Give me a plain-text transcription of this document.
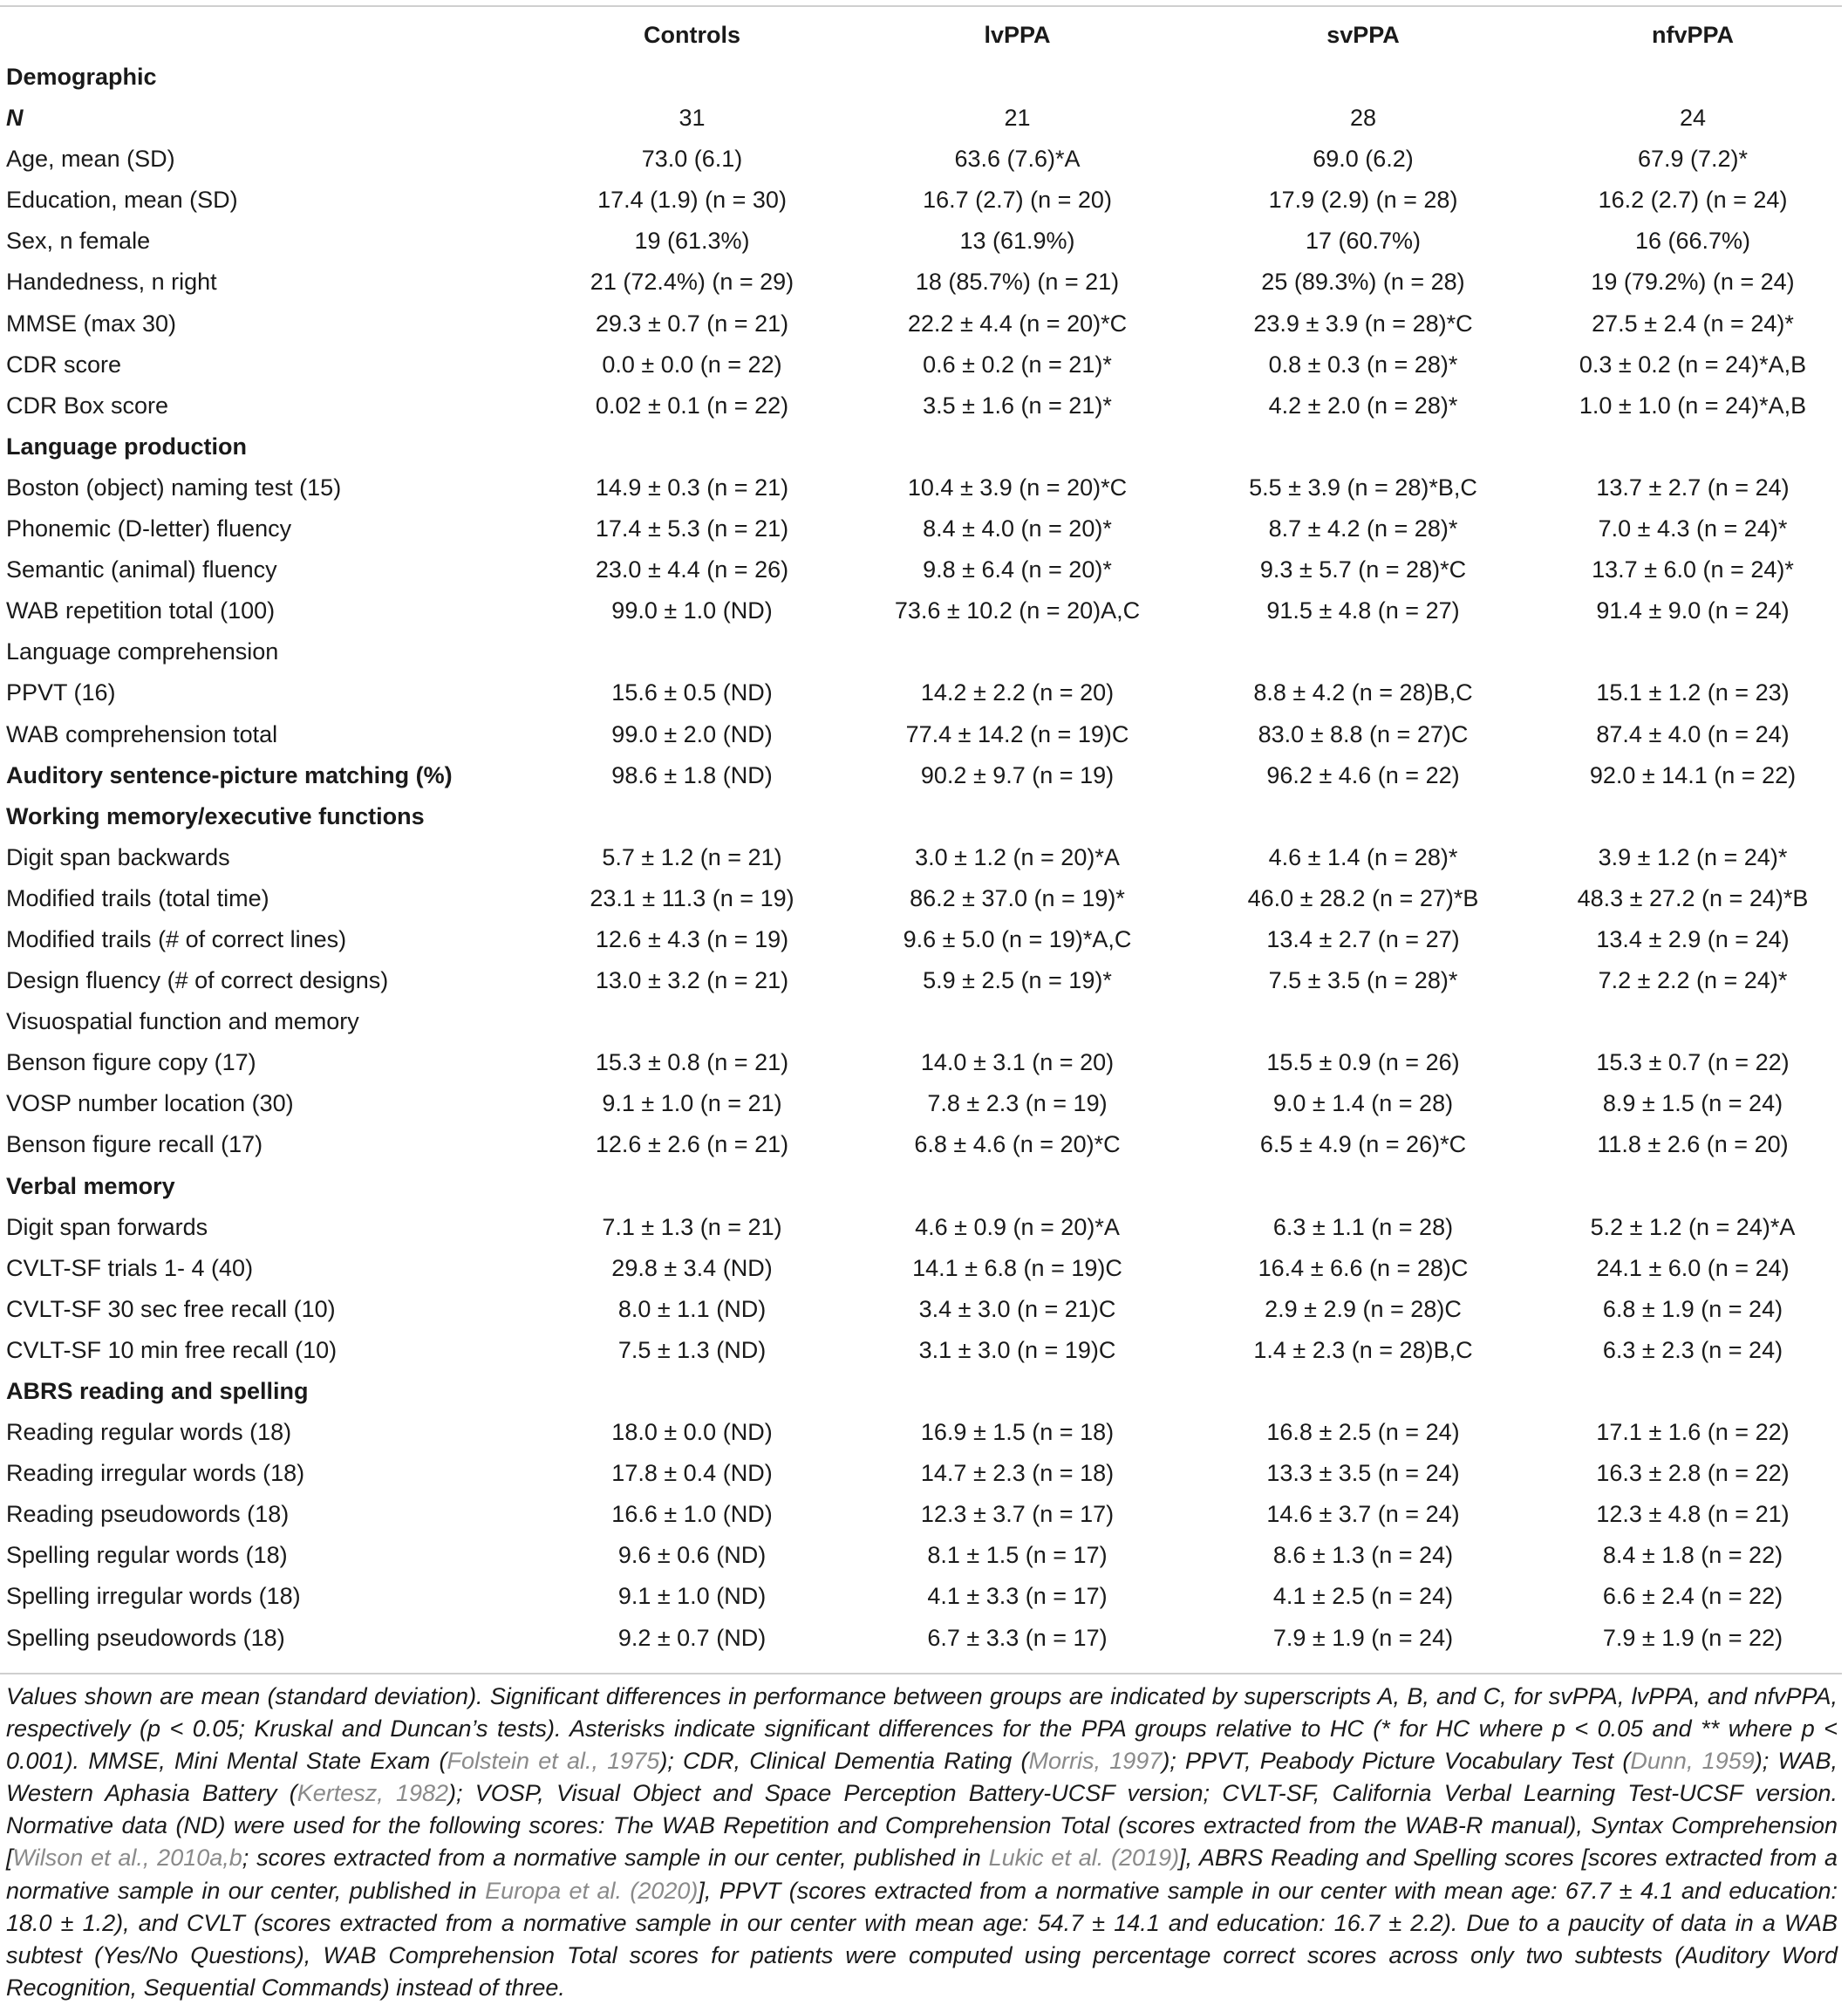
	Controls	lvPPA	svPPA	nfvPPA
Demographic				
N	31	21	28	24
Age, mean (SD)	73.0 (6.1)	63.6 (7.6)*A	69.0 (6.2)	67.9 (7.2)*
Education, mean (SD)	17.4 (1.9) (n = 30)	16.7 (2.7) (n = 20)	17.9 (2.9) (n = 28)	16.2 (2.7) (n = 24)
Sex, n female	19 (61.3%)	13 (61.9%)	17 (60.7%)	16 (66.7%)
Handedness, n right	21 (72.4%) (n = 29)	18 (85.7%) (n = 21)	25 (89.3%) (n = 28)	19 (79.2%) (n = 24)
MMSE (max 30)	29.3 ± 0.7 (n = 21)	22.2 ± 4.4 (n = 20)*C	23.9 ± 3.9 (n = 28)*C	27.5 ± 2.4 (n = 24)*
CDR score	0.0 ± 0.0 (n = 22)	0.6 ± 0.2 (n = 21)*	0.8 ± 0.3 (n = 28)*	0.3 ± 0.2 (n = 24)*A,B
CDR Box score	0.02 ± 0.1 (n = 22)	3.5 ± 1.6 (n = 21)*	4.2 ± 2.0 (n = 28)*	1.0 ± 1.0 (n = 24)*A,B
Language production				
Boston (object) naming test (15)	14.9 ± 0.3 (n = 21)	10.4 ± 3.9 (n = 20)*C	5.5 ± 3.9 (n = 28)*B,C	13.7 ± 2.7 (n = 24)
Phonemic (D-letter) fluency	17.4 ± 5.3 (n = 21)	8.4 ± 4.0 (n = 20)*	8.7 ± 4.2 (n = 28)*	7.0 ± 4.3 (n = 24)*
Semantic (animal) fluency	23.0 ± 4.4 (n = 26)	9.8 ± 6.4 (n = 20)*	9.3 ± 5.7 (n = 28)*C	13.7 ± 6.0 (n = 24)*
WAB repetition total (100)	99.0 ± 1.0 (ND)	73.6 ± 10.2 (n = 20)A,C	91.5 ± 4.8 (n = 27)	91.4 ± 9.0 (n = 24)
Language comprehension				
PPVT (16)	15.6 ± 0.5 (ND)	14.2 ± 2.2 (n = 20)	8.8 ± 4.2 (n = 28)B,C	15.1 ± 1.2 (n = 23)
WAB comprehension total	99.0 ± 2.0 (ND)	77.4 ± 14.2 (n = 19)C	83.0 ± 8.8 (n = 27)C	87.4 ± 4.0 (n = 24)
Auditory sentence-picture matching (%)	98.6 ± 1.8 (ND)	90.2 ± 9.7 (n = 19)	96.2 ± 4.6 (n = 22)	92.0 ± 14.1 (n = 22)
Working memory/executive functions				
Digit span backwards	5.7 ± 1.2 (n = 21)	3.0 ± 1.2 (n = 20)*A	4.6 ± 1.4 (n = 28)*	3.9 ± 1.2 (n = 24)*
Modified trails (total time)	23.1 ± 11.3 (n = 19)	86.2 ± 37.0 (n = 19)*	46.0 ± 28.2 (n = 27)*B	48.3 ± 27.2 (n = 24)*B
Modified trails (# of correct lines)	12.6 ± 4.3 (n = 19)	9.6 ± 5.0 (n = 19)*A,C	13.4 ± 2.7 (n = 27)	13.4 ± 2.9 (n = 24)
Design fluency (# of correct designs)	13.0 ± 3.2 (n = 21)	5.9 ± 2.5 (n = 19)*	7.5 ± 3.5 (n = 28)*	7.2 ± 2.2 (n = 24)*
Visuospatial function and memory				
Benson figure copy (17)	15.3 ± 0.8 (n = 21)	14.0 ± 3.1 (n = 20)	15.5 ± 0.9 (n = 26)	15.3 ± 0.7 (n = 22)
VOSP number location (30)	9.1 ± 1.0 (n = 21)	7.8 ± 2.3 (n = 19)	9.0 ± 1.4 (n = 28)	8.9 ± 1.5 (n = 24)
Benson figure recall (17)	12.6 ± 2.6 (n = 21)	6.8 ± 4.6 (n = 20)*C	6.5 ± 4.9 (n = 26)*C	11.8 ± 2.6 (n = 20)
Verbal memory				
Digit span forwards	7.1 ± 1.3 (n = 21)	4.6 ± 0.9 (n = 20)*A	6.3 ± 1.1 (n = 28)	5.2 ± 1.2 (n = 24)*A
CVLT-SF trials 1- 4 (40)	29.8 ± 3.4 (ND)	14.1 ± 6.8 (n = 19)C	16.4 ± 6.6 (n = 28)C	24.1 ± 6.0 (n = 24)
CVLT-SF 30 sec free recall (10)	8.0 ± 1.1 (ND)	3.4 ± 3.0 (n = 21)C	2.9 ± 2.9 (n = 28)C	6.8 ± 1.9 (n = 24)
CVLT-SF 10 min free recall (10)	7.5 ± 1.3 (ND)	3.1 ± 3.0 (n = 19)C	1.4 ± 2.3 (n = 28)B,C	6.3 ± 2.3 (n = 24)
ABRS reading and spelling				
Reading regular words (18)	18.0 ± 0.0 (ND)	16.9 ± 1.5 (n = 18)	16.8 ± 2.5 (n = 24)	17.1 ± 1.6 (n = 22)
Reading irregular words (18)	17.8 ± 0.4 (ND)	14.7 ± 2.3 (n = 18)	13.3 ± 3.5 (n = 24)	16.3 ± 2.8 (n = 22)
Reading pseudowords (18)	16.6 ± 1.0 (ND)	12.3 ± 3.7 (n = 17)	14.6 ± 3.7 (n = 24)	12.3 ± 4.8 (n = 21)
Spelling regular words (18)	9.6 ± 0.6 (ND)	8.1 ± 1.5 (n = 17)	8.6 ± 1.3 (n = 24)	8.4 ± 1.8 (n = 22)
Spelling irregular words (18)	9.1 ± 1.0 (ND)	4.1 ± 3.3 (n = 17)	4.1 ± 2.5 (n = 24)	6.6 ± 2.4 (n = 22)
Spelling pseudowords (18)	9.2 ± 0.7 (ND)	6.7 ± 3.3 (n = 17)	7.9 ± 1.9 (n = 24)	7.9 ± 1.9 (n = 22)
Values shown are mean (standard deviation). Significant differences in performance between groups are indicated by superscripts A, B, and C, for svPPA, lvPPA, and nfvPPA, respectively (p < 0.05; Kruskal and Duncan’s tests). Asterisks indicate significant differences for the PPA groups relative to HC (* for HC where p < 0.05 and ** where p < 0.001). MMSE, Mini Mental State Exam (Folstein et al., 1975); CDR, Clinical Dementia Rating (Morris, 1997); PPVT, Peabody Picture Vocabulary Test (Dunn, 1959); WAB, Western Aphasia Battery (Kertesz, 1982); VOSP, Visual Object and Space Perception Battery-UCSF version; CVLT-SF, California Verbal Learning Test-UCSF version. Normative data (ND) were used for the following scores: The WAB Repetition and Comprehension Total (scores extracted from the WAB-R manual), Syntax Comprehension [Wilson et al., 2010a,b; scores extracted from a normative sample in our center, published in Lukic et al. (2019)], ABRS Reading and Spelling scores [scores extracted from a normative sample in our center, published in Europa et al. (2020)], PPVT (scores extracted from a normative sample in our center with mean age: 67.7 ± 4.1 and education: 18.0 ± 1.2), and CVLT (scores extracted from a normative sample in our center with mean age: 54.7 ± 14.1 and education: 16.7 ± 2.2). Due to a paucity of data in a WAB subtest (Yes/No Questions), WAB Comprehension Total scores for patients were computed using percentage correct scores across only two subtests (Auditory Word Recognition, Sequential Commands) instead of three.
